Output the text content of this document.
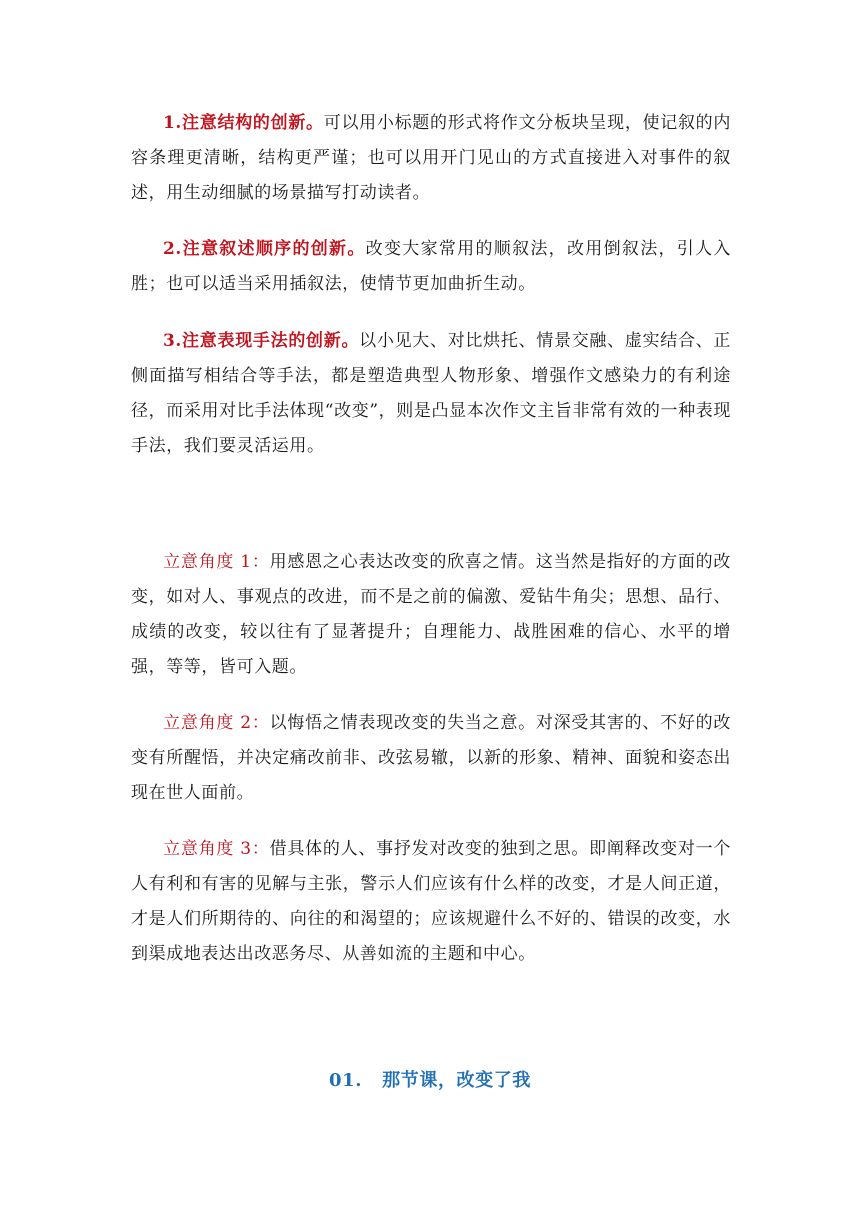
1.注意结构的创新。可以用小标题的形式将作文分板块呈现，使记叙的内容条理更清晰，结构更严谨；也可以用开门见山的方式直接进入对事件的叙述，用生动细腻的场景描写打动读者。

2.注意叙述顺序的创新。改变大家常用的顺叙法，改用倒叙法，引人入胜；也可以适当采用插叙法，使情节更加曲折生动。

3.注意表现手法的创新。以小见大、对比烘托、情景交融、虚实结合、正侧面描写相结合等手法，都是塑造典型人物形象、增强作文感染力的有利途径，而采用对比手法体现“改变”，则是凸显本次作文主旨非常有效的一种表现手法，我们要灵活运用。

立意角度 1：用感恩之心表达改变的欣喜之情。这当然是指好的方面的改变，如对人、事观点的改进，而不是之前的偏激、爱钻牛角尖；思想、品行、成绩的改变，较以往有了显著提升；自理能力、战胜困难的信心、水平的增强，等等，皆可入题。

立意角度 2：以悔悟之情表现改变的失当之意。对深受其害的、不好的改变有所醒悟，并决定痛改前非、改弦易辙，以新的形象、精神、面貌和姿态出现在世人面前。

立意角度 3：借具体的人、事抒发对改变的独到之思。即阐释改变对一个人有利和有害的见解与主张，警示人们应该有什么样的改变，才是人间正道，才是人们所期待的、向往的和渴望的；应该规避什么不好的、错误的改变，水到渠成地表达出改恶务尽、从善如流的主题和中心。

01. 那节课，改变了我
